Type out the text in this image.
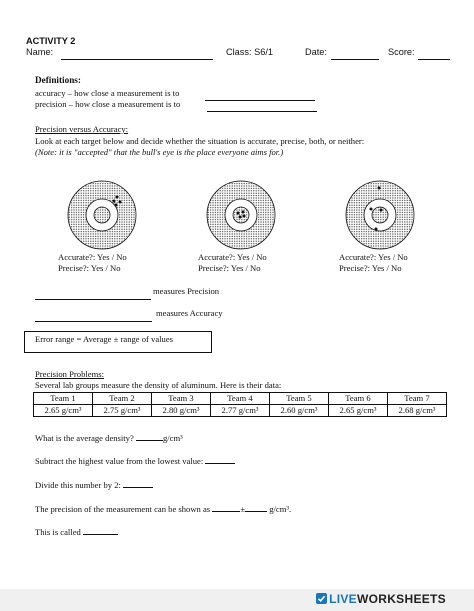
ACTIVITY 2
Name:	Class: S6/1	Date:	Score:
Definitions:
accuracy – how close a measurement is to
precision – how close a measurement is to
Precision versus Accuracy:
Look at each target below and decide whether the situation is accurate, precise, both, or neither:
(Note: it is "accepted" that the bull's eye is the place everyone aims for.)
Accurate?: Yes / No
Precise?: Yes / No
Accurate?: Yes / No
Precise?: Yes / No
Accurate?: Yes / No
Precise?: Yes / No
measures Precision
measures Accuracy
Error range = Average ± range of values
Precision Problems:
Several lab groups measure the density of aluminum. Here is their data:
Team 1	Team 2	Team 3	Team 4	Team 5	Team 6	Team 7
2.65 g/cm³	2.75 g/cm³	2.80 g/cm³	2.77 g/cm³	2.60 g/cm³	2.65 g/cm³	2.68 g/cm³
What is the average density?	g/cm³
Subtract the highest value from the lowest value:
Divide this number by 2:
The precision of the measurement can be shown as	±	g/cm³.
This is called
LIVEWORKSHEETS
